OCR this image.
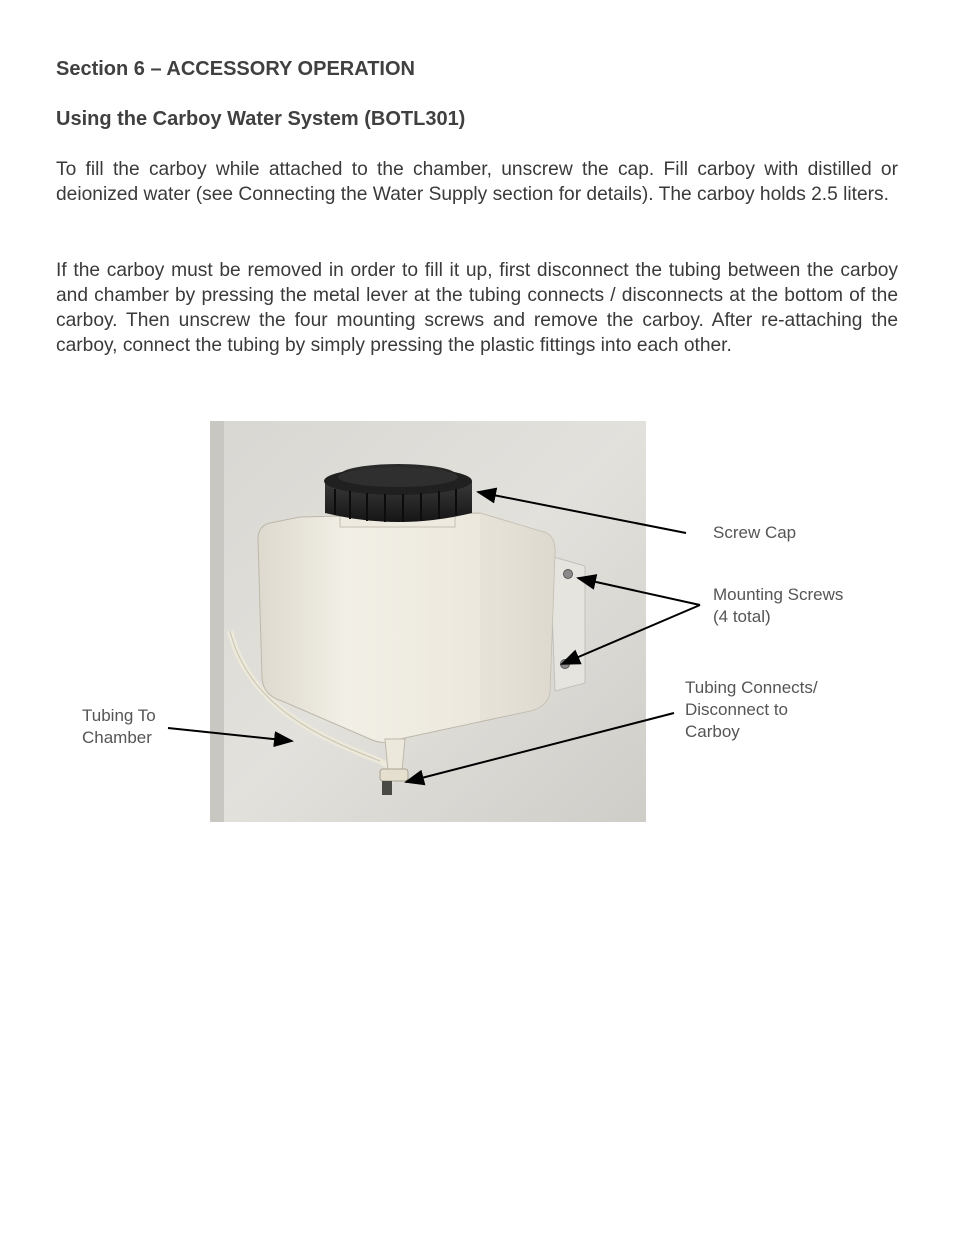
Section 6 – ACCESSORY OPERATION
Using the Carboy Water System (BOTL301)

To fill the carboy while attached to the chamber, unscrew the cap. Fill carboy with distilled or deionized water (see Connecting the Water Supply section for details). The carboy holds 2.5 liters.

If the carboy must be removed in order to fill it up, first disconnect the tubing between the carboy and chamber by pressing the metal lever at the tubing connects / disconnects at the bottom of the carboy. Then unscrew the four mounting screws and remove the carboy. After re-attaching the carboy, connect the tubing by simply pressing the plastic fittings into each other.

Screw Cap

Mounting Screws
(4 total)

Tubing Connects/
Disconnect to
Carboy

Tubing To
Chamber
